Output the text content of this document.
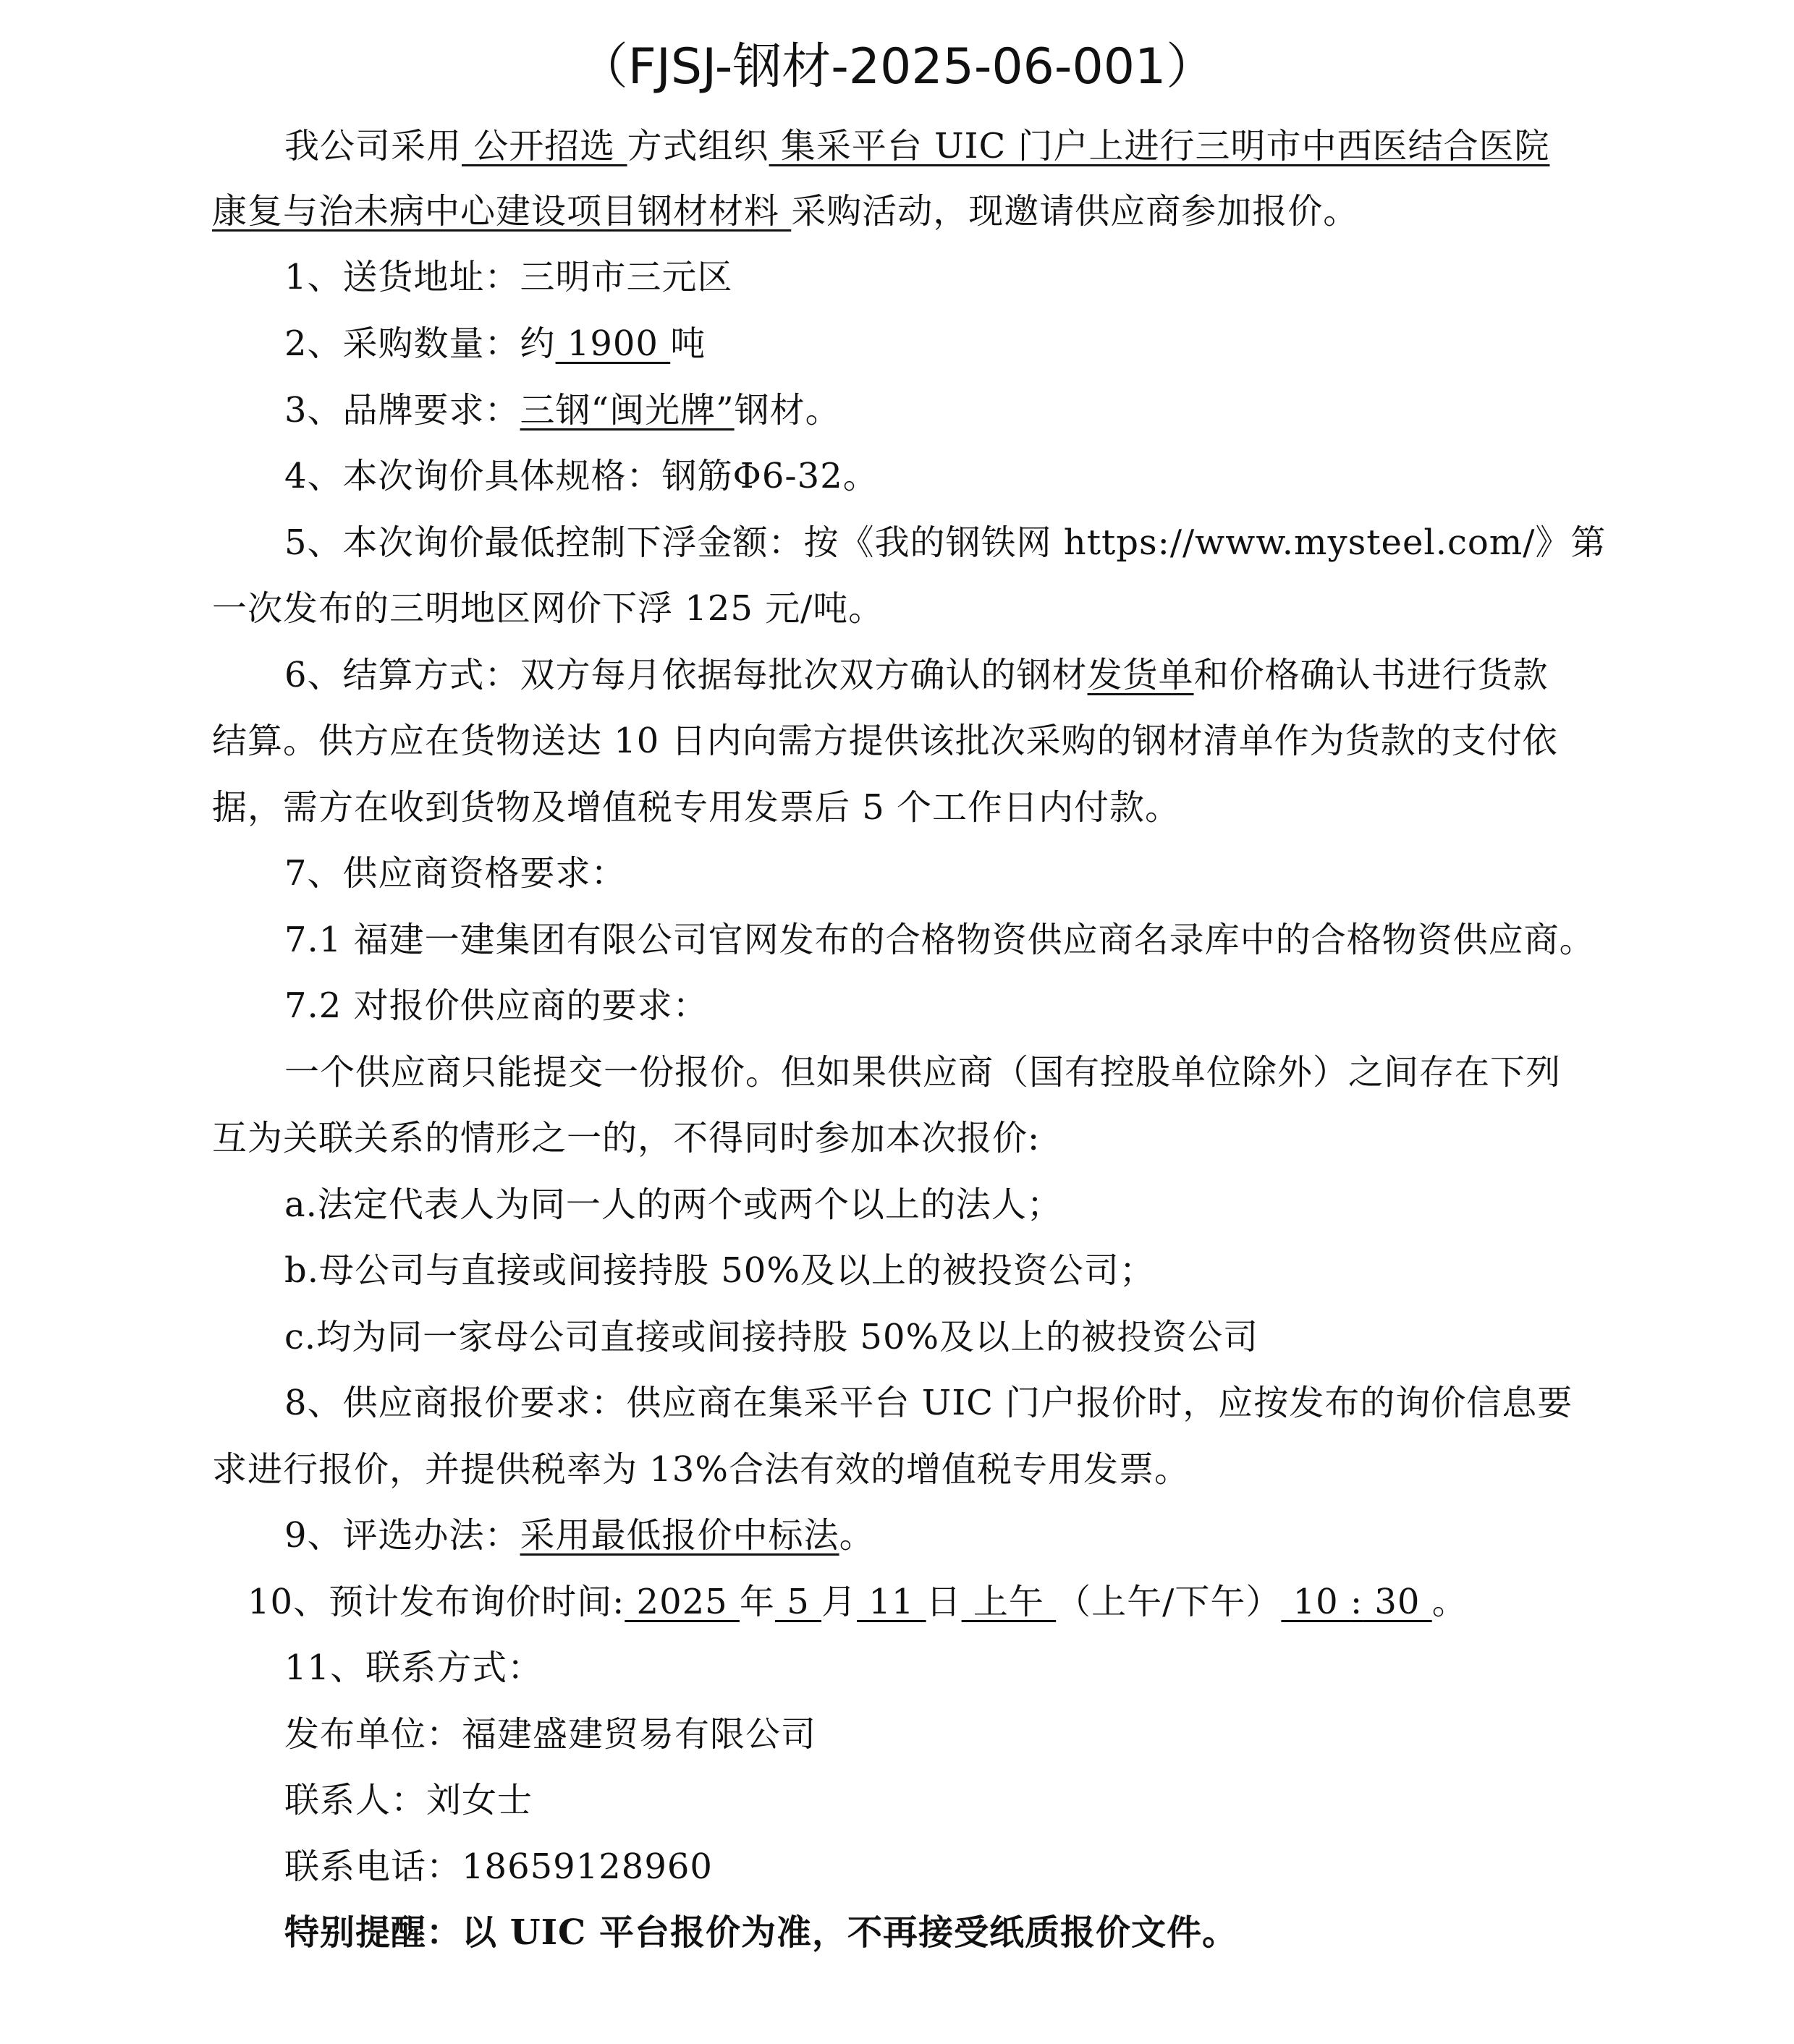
（FJSJ-钢材-2025-06-001）
我公司采用 公开招选 方式组织 集采平台 UIC 门户上进行三明市中西医结合医院
康复与治未病中心建设项目钢材材料 采购活动，现邀请供应商参加报价。
1、送货地址：三明市三元区
2、采购数量：约 1900 吨
3、品牌要求：三钢“闽光牌”钢材。
4、本次询价具体规格：钢筋Φ6-32。
5、本次询价最低控制下浮金额：按《我的钢铁网 https://www.mysteel.com/》第
一次发布的三明地区网价下浮 125 元/吨。
6、结算方式：双方每月依据每批次双方确认的钢材发货单和价格确认书进行货款
结算。供方应在货物送达 10 日内向需方提供该批次采购的钢材清单作为货款的支付依
据，需方在收到货物及增值税专用发票后 5 个工作日内付款。
7、供应商资格要求：
7.1 福建一建集团有限公司官网发布的合格物资供应商名录库中的合格物资供应商。
7.2 对报价供应商的要求：
一个供应商只能提交一份报价。但如果供应商（国有控股单位除外）之间存在下列
互为关联关系的情形之一的，不得同时参加本次报价:
a.法定代表人为同一人的两个或两个以上的法人；
b.母公司与直接或间接持股 50%及以上的被投资公司；
c.均为同一家母公司直接或间接持股 50%及以上的被投资公司
8、供应商报价要求：供应商在集采平台 UIC 门户报价时，应按发布的询价信息要
求进行报价，并提供税率为 13%合法有效的增值税专用发票。
9、评选办法：采用最低报价中标法。
10、预计发布询价时间: 2025 年 5 月 11 日 上午 （上午/下午） 10 : 30 。
11、联系方式：
发布单位：福建盛建贸易有限公司
联系人：刘女士
联系电话：18659128960
特别提醒：以 UIC 平台报价为准，不再接受纸质报价文件。
